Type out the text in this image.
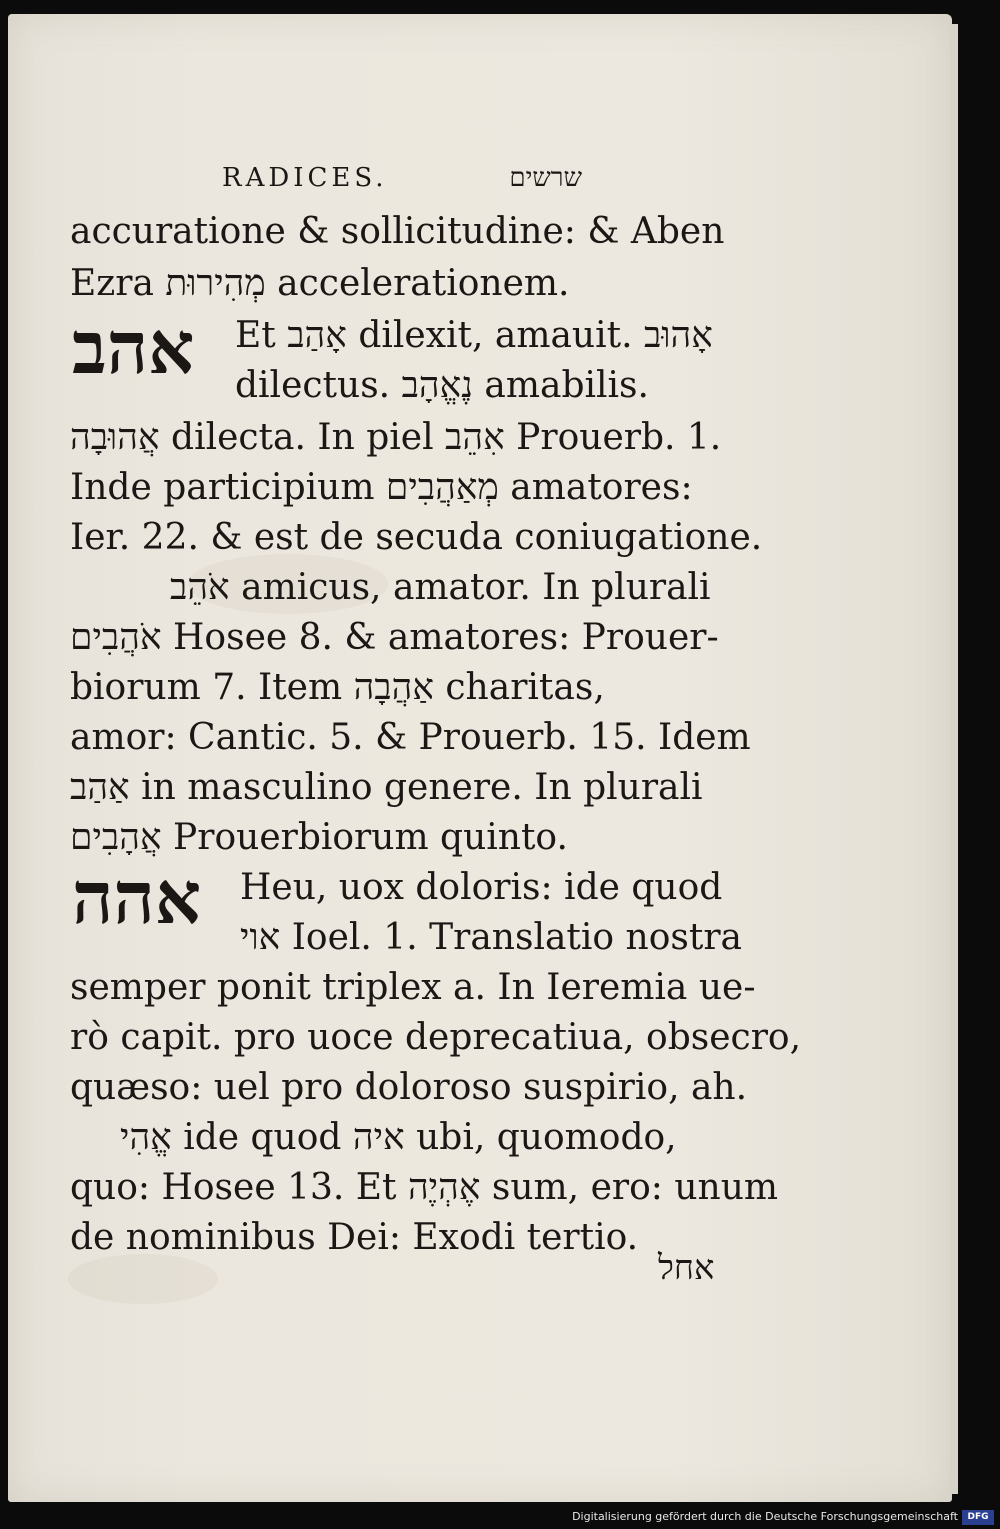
RADICES.	שרשים
אהב
אהה
accuratione & sollicitudine: & Aben
Ezra מְהִירוּת accelerationem.
Et אָהַב dilexit, amauit. אָהוּב
dilectus. נֶאֱהָב amabilis.
אֲהוּבָה dilecta. In piel אִהֵב Prouerb. 1.
Inde participium מְאַהֲבִים amatores:
Ier. 22. & est de secuda coniugatione.
אֹהֵב amicus, amator. In plurali
אֹהֲבִים Hosee 8. & amatores: Prouer-
biorum 7. Item אַהֲבָה charitas,
amor: Cantic. 5. & Prouerb. 15. Idem
אַהַב in masculino genere. In plurali
אֲהָבִים Prouerbiorum quinto.
Heu, uox doloris: ide quod
אוי Ioel. 1. Translatio nostra
semper ponit triplex a. In Ieremia ue-
rò capit. pro uoce deprecatiua, obsecro,
quæso: uel pro doloroso suspirio, ah.
אֱהִי ide quod איה ubi, quomodo,
quo: Hosee 13. Et אֶהְיֶה sum, ero: unum
de nominibus Dei: Exodi tertio.
אחל
Digitalisierung gefördert durch die Deutsche Forschungsgemeinschaft	DFG
